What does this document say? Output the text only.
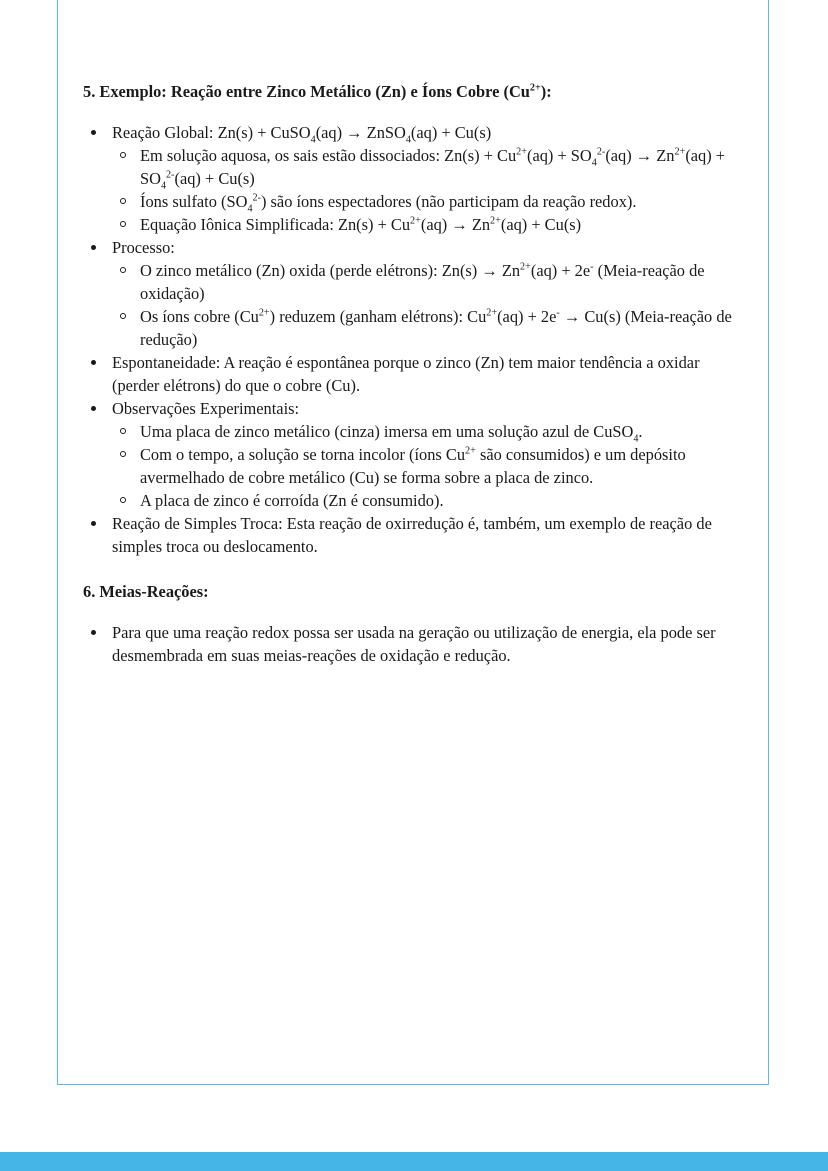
5. Exemplo: Reação entre Zinco Metálico (Zn) e Íons Cobre $(Cu^{2+})$:
Reação Global: Zn(s) + CuSO$_4$(aq) → ZnSO$_4$(aq) + Cu(s)
Em solução aquosa, os sais estão dissociados: $Zn(s) + Cu^{2+}(aq) + SO_4^{2-}(aq) \to Zn^{2+}(aq) + SO_4^{2-}(aq) + Cu(s)$
Íons sulfato $(SO_4^{2-})$ são íons espectadores (não participam da reação redox).
Equação Iônica Simplificada: $Zn(s) + Cu^{2+}(aq) \to Zn^{2+}(aq) + Cu(s)$
Processo:
O zinco metálico (Zn) oxida (perde elétrons): $Zn(s) \to Zn^{2+}(aq) + 2e^-$ (Meia-reação de oxidação)
Os íons cobre $(Cu^{2+})$ reduzem (ganham elétrons): $Cu^{2+}(aq) + 2e^- \to Cu(s)$ (Meia-reação de redução)
Espontaneidade: A reação é espontânea porque o zinco (Zn) tem maior tendência a oxidar (perder elétrons) do que o cobre (Cu).
Observações Experimentais:
Uma placa de zinco metálico (cinza) imersa em uma solução azul de CuSO$_4$.
Com o tempo, a solução se torna incolor (íons $Cu^{2+}$ são consumidos) e um depósito avermelhado de cobre metálico (Cu) se forma sobre a placa de zinco.
A placa de zinco é corroída (Zn é consumido).
Reação de Simples Troca: Esta reação de oxirredução é, também, um exemplo de reação de simples troca ou deslocamento.
6. Meias-Reações:
Para que uma reação redox possa ser usada na geração ou utilização de energia, ela pode ser desmembrada em suas meias-reações de oxidação e redução.
